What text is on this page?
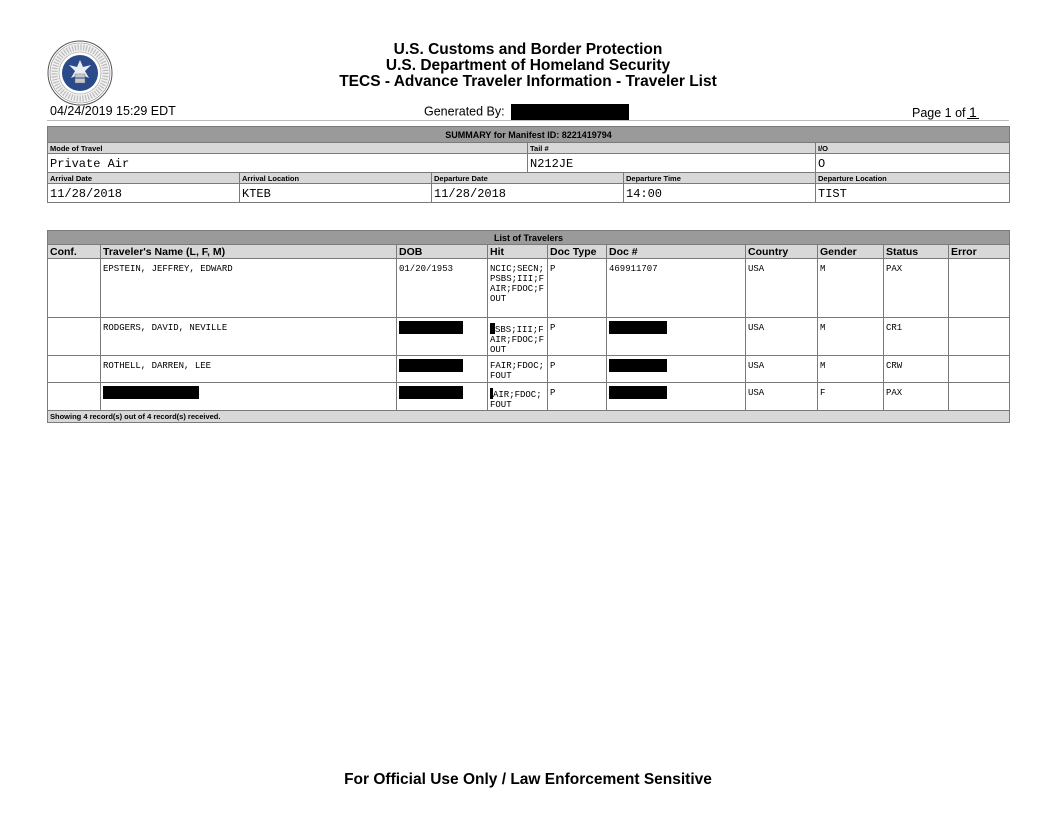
U.S. Customs and Border Protection
U.S. Department of Homeland Security
TECS - Advance Traveler Information - Traveler List
04/24/2019 15:29 EDT	Generated By:	Page 1 of 1
SUMMARY for Manifest ID: 8221419794					
Mode of Travel			Tail #		I/O
Private Air			N212JE		O
Arrival Date	Arrival Location	Departure Date		Departure Time	Departure Location
11/28/2018	KTEB	11/28/2018		14:00	TIST
List of Travelers									
Conf.	Traveler's Name (L, F, M)	DOB	Hit	Doc Type	Doc #	Country	Gender	Status	Error
	EPSTEIN, JEFFREY, EDWARD	01/20/1953	NCIC;SECN;PSBS;III;FAIR;FDOC;FOUT	P	469911707	USA	M	PAX	
	RODGERS, DAVID, NEVILLE		SBS;III;FAIR;FDOC;FOUT	P		USA	M	CR1	
	ROTHELL, DARREN, LEE		FAIR;FDOC;FOUT	P		USA	M	CRW	
			AIR;FDOC;FOUT	P		USA	F	PAX	
Showing 4 record(s) out of 4 record(s) received.									
For Official Use Only / Law Enforcement Sensitive
